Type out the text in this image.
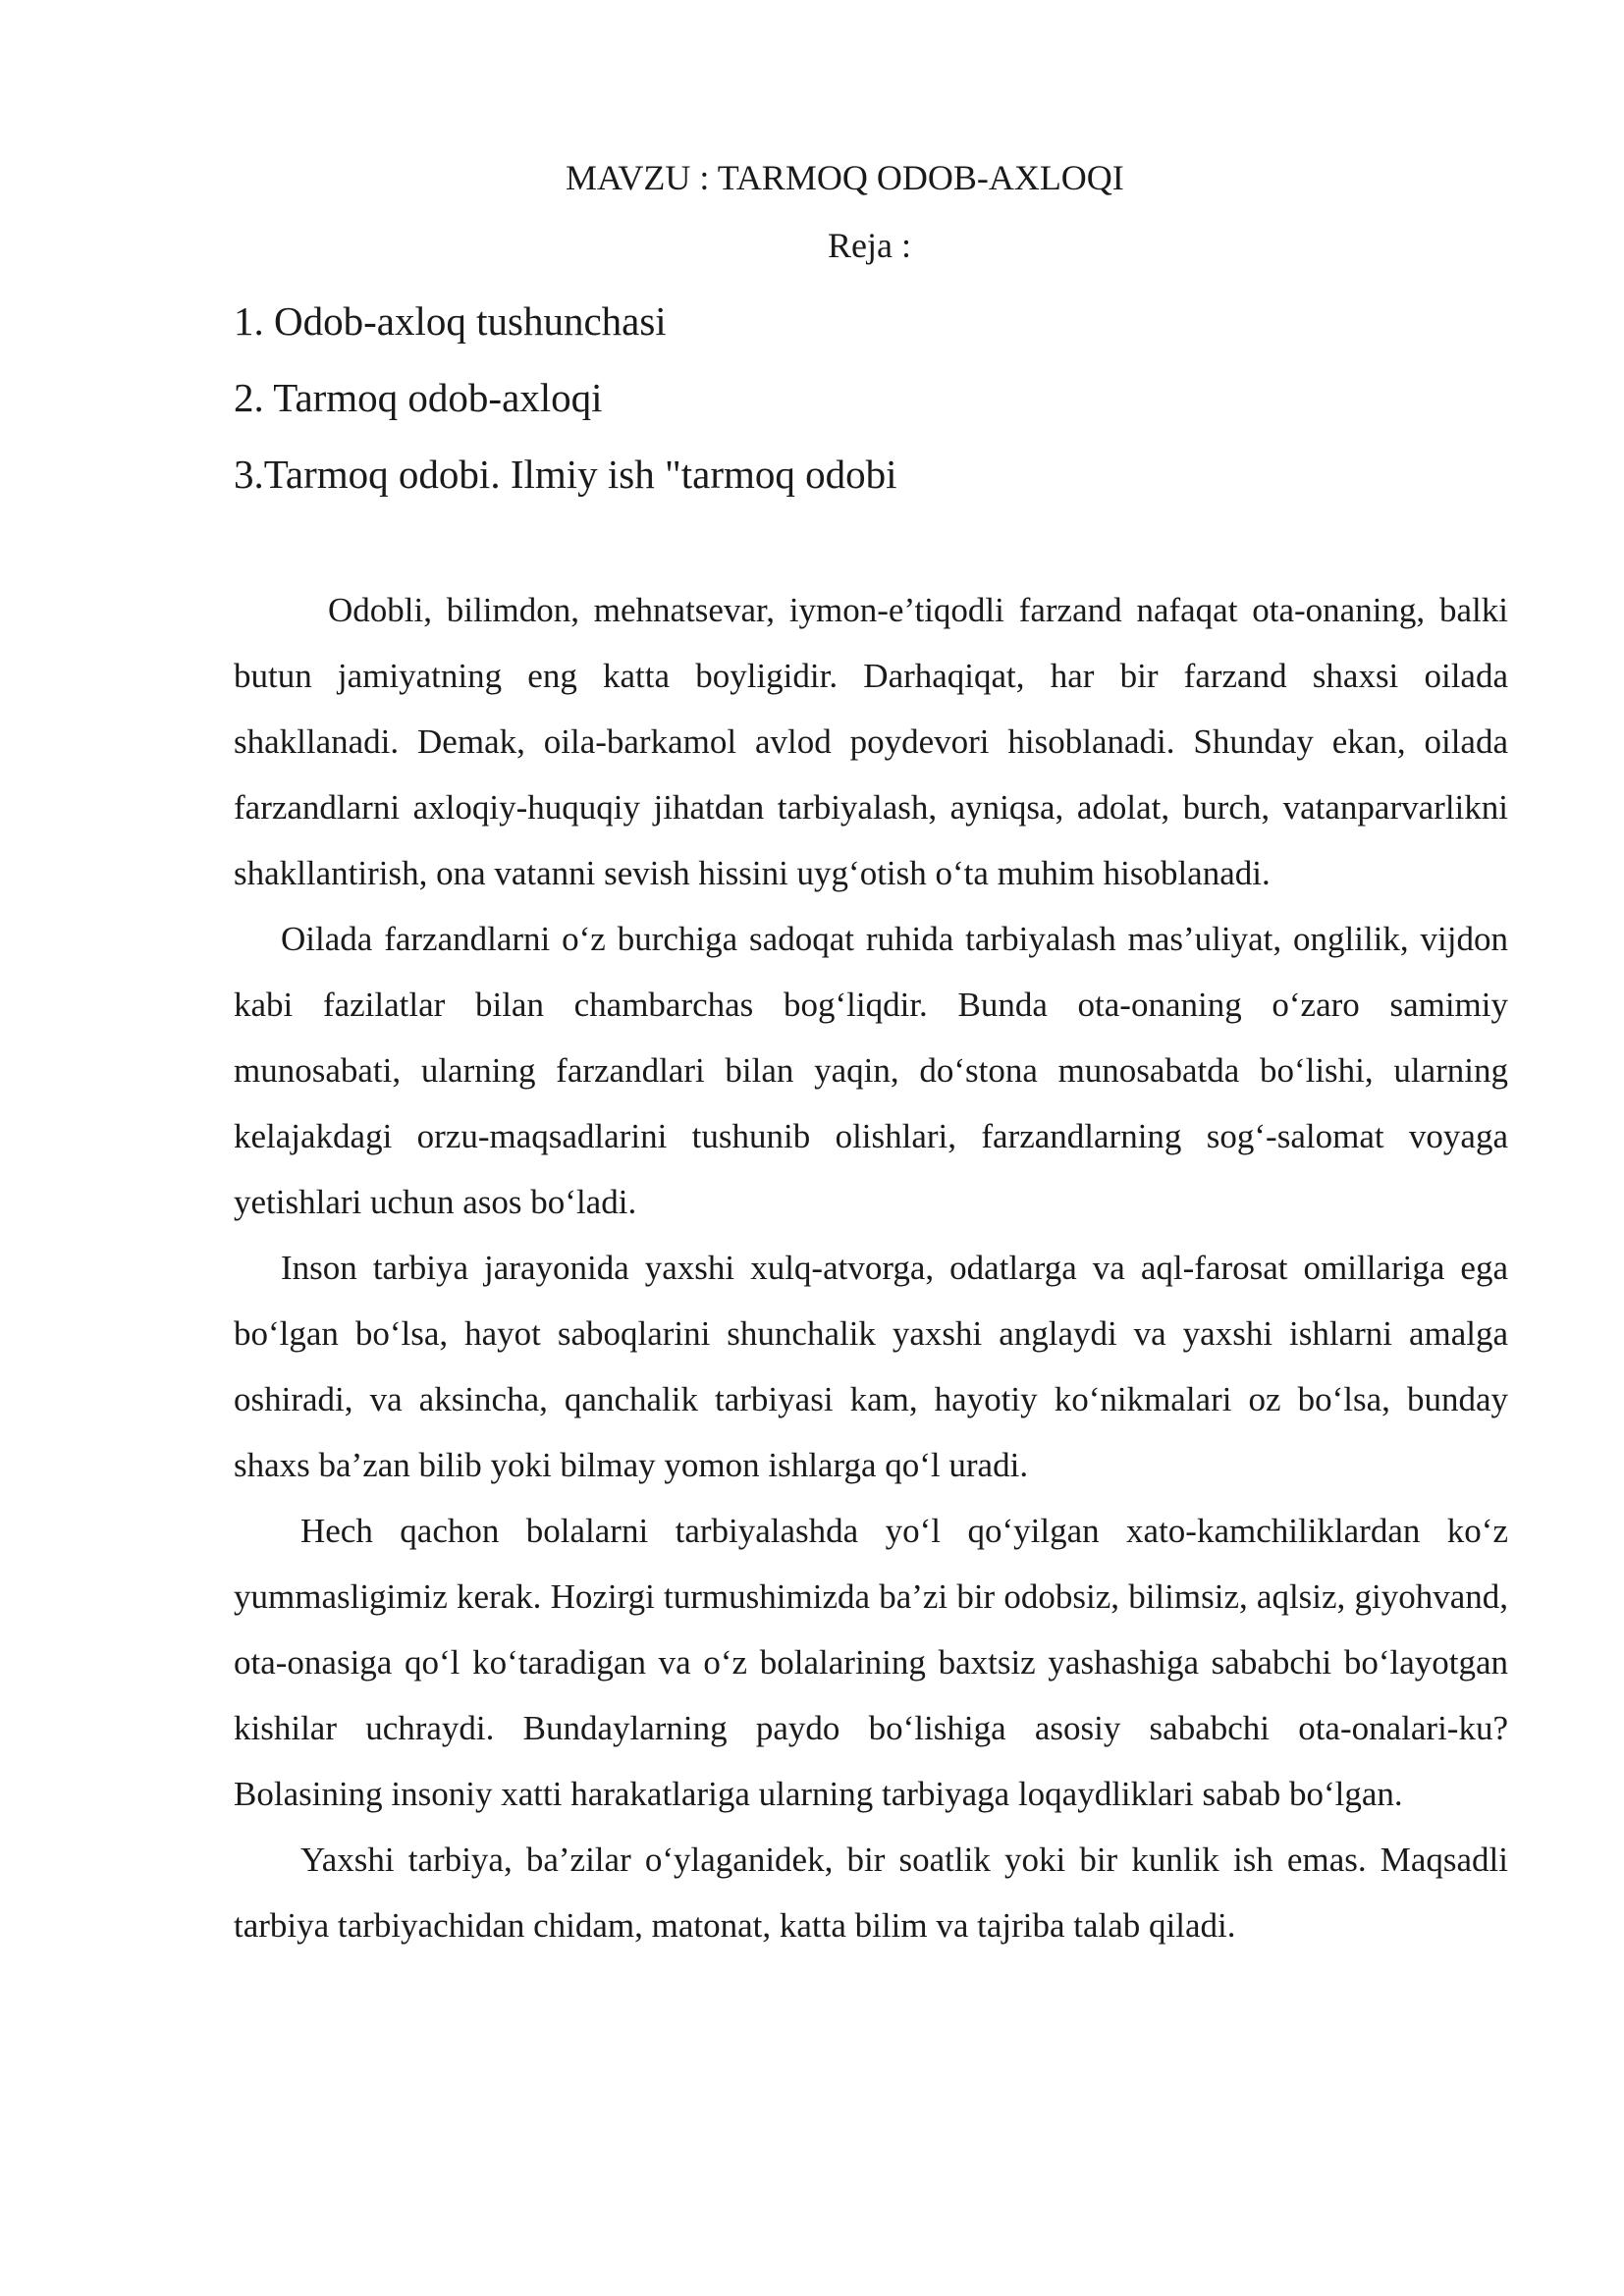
MAVZU : TARMOQ ODOB-AXLOQI
Reja :
1. Odob-axloq tushunchasi
2. Tarmoq odob-axloqi
3.Tarmoq odobi. Ilmiy ish "tarmoq odobi

Odobli, bilimdon, mehnatsevar, iymon-e’tiqodli farzand nafaqat ota-onaning, balki butun jamiyatning eng katta boyligidir. Darhaqiqat, har bir farzand shaxsi oilada shakllanadi. Demak, oila-barkamol avlod poydevori hisoblanadi. Shunday ekan, oilada farzandlarni axloqiy-huquqiy jihatdan tarbiyalash, ayniqsa, adolat, burch, vatanparvarlikni shakllantirish, ona vatanni sevish hissini uyg‘otish o‘ta muhim hisoblanadi.

Oilada farzandlarni o‘z burchiga sadoqat ruhida tarbiyalash mas’uliyat, onglilik, vijdon kabi fazilatlar bilan chambarchas bog‘liqdir. Bunda ota-onaning o‘zaro samimiy munosabati, ularning farzandlari bilan yaqin, do‘stona munosabatda bo‘lishi, ularning kelajakdagi orzu-maqsadlarini tushunib olishlari, farzandlarning sog‘-salomat voyaga yetishlari uchun asos bo‘ladi.

Inson tarbiya jarayonida yaxshi xulq-atvorga, odatlarga va aql-farosat omillariga ega bo‘lgan bo‘lsa, hayot saboqlarini shunchalik yaxshi anglaydi va yaxshi ishlarni amalga oshiradi, va aksincha, qanchalik tarbiyasi kam, hayotiy ko‘nikmalari oz bo‘lsa, bunday shaxs ba’zan bilib yoki bilmay yomon ishlarga qo‘l uradi.

Hech qachon bolalarni tarbiyalashda yo‘l qo‘yilgan xato-kamchiliklardan ko‘z yummasligimiz kerak. Hozirgi turmushimizda ba’zi bir odobsiz, bilimsiz, aqlsiz, giyohvand, ota-onasiga qo‘l ko‘taradigan va o‘z bolalarining baxtsiz yashashiga sababchi bo‘layotgan kishilar uchraydi. Bundaylarning paydo bo‘lishiga asosiy sababchi ota-onalari-ku? Bolasining insoniy xatti harakatlariga ularning tarbiyaga loqaydliklari sabab bo‘lgan.

Yaxshi tarbiya, ba’zilar o‘ylaganidek, bir soatlik yoki bir kunlik ish emas. Maqsadli tarbiya tarbiyachidan chidam, matonat, katta bilim va tajriba talab qiladi.
